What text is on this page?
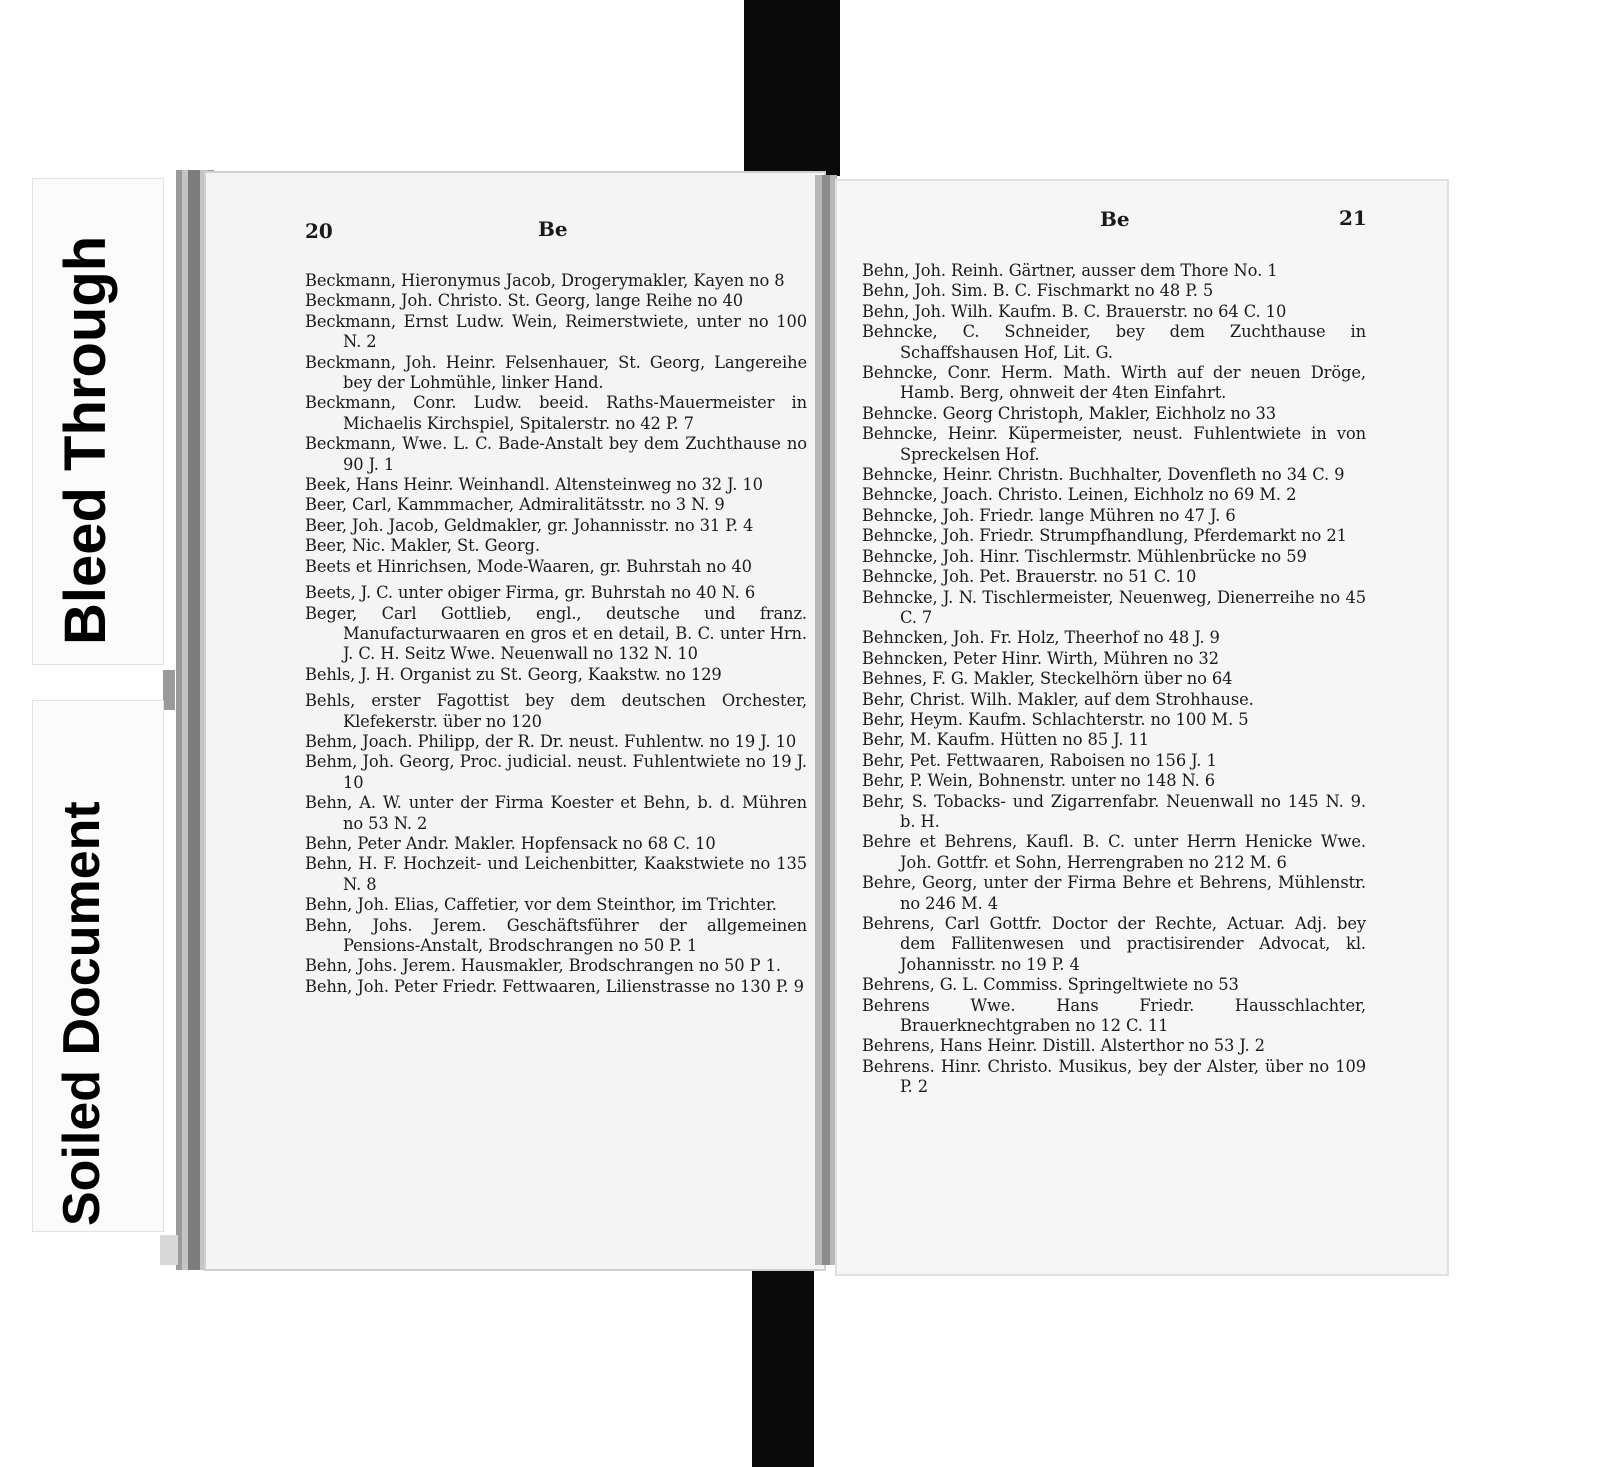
Bleed Through
Soiled Document
20	Be
Beckmann, Hieronymus Jacob, Drogerymakler, Kayen no 8
Beckmann, Joh. Christo. St. Georg, lange Reihe no 40
Beckmann, Ernst Ludw. Wein, Reimerstwiete, unter no 100 N. 2
Beckmann, Joh. Heinr. Felsenhauer, St. Georg, Langereihe bey der Lohmühle, linker Hand.
Beckmann, Conr. Ludw. beeid. Raths-Mauermeister in Michaelis Kirchspiel, Spitalerstr. no 42 P. 7
Beckmann, Wwe. L. C. Bade-Anstalt bey dem Zuchthause no 90 J. 1
Beek, Hans Heinr. Weinhandl. Altensteinweg no 32 J. 10
Beer, Carl, Kammmacher, Admiralitätsstr. no 3 N. 9
Beer, Joh. Jacob, Geldmakler, gr. Johannisstr. no 31 P. 4
Beer, Nic. Makler, St. Georg.
Beets et Hinrichsen, Mode-Waaren, gr. Buhrstah no 40
Beets, J. C. unter obiger Firma, gr. Buhrstah no 40 N. 6
Beger, Carl Gottlieb, engl., deutsche und franz. Manufacturwaaren en gros et en detail, B. C. unter Hrn. J. C. H. Seitz Wwe. Neuenwall no 132 N. 10
Behls, J. H. Organist zu St. Georg, Kaakstw. no 129
Behls, erster Fagottist bey dem deutschen Orchester, Klefekerstr. über no 120
Behm, Joach. Philipp, der R. Dr. neust. Fuhlentw. no 19 J. 10
Behm, Joh. Georg, Proc. judicial. neust. Fuhlentwiete no 19 J. 10
Behn, A. W. unter der Firma Koester et Behn, b. d. Mühren no 53 N. 2
Behn, Peter Andr. Makler. Hopfensack no 68 C. 10
Behn, H. F. Hochzeit- und Leichenbitter, Kaakstwiete no 135 N. 8
Behn, Joh. Elias, Caffetier, vor dem Steinthor, im Trichter.
Behn, Johs. Jerem. Geschäftsführer der allgemeinen Pensions-Anstalt, Brodschrangen no 50 P. 1
Behn, Johs. Jerem. Hausmakler, Brodschrangen no 50 P 1.
Behn, Joh. Peter Friedr. Fettwaaren, Lilienstrasse no 130 P. 9
Be	21
Behn, Joh. Reinh. Gärtner, ausser dem Thore No. 1
Behn, Joh. Sim. B. C. Fischmarkt no 48 P. 5
Behn, Joh. Wilh. Kaufm. B. C. Brauerstr. no 64 C. 10
Behncke, C. Schneider, bey dem Zuchthause in Schaffshausen Hof, Lit. G.
Behncke, Conr. Herm. Math. Wirth auf der neuen Dröge, Hamb. Berg, ohnweit der 4ten Einfahrt.
Behncke. Georg Christoph, Makler, Eichholz no 33
Behncke, Heinr. Küpermeister, neust. Fuhlentwiete in von Spreckelsen Hof.
Behncke, Heinr. Christn. Buchhalter, Dovenfleth no 34 C. 9
Behncke, Joach. Christo. Leinen, Eichholz no 69 M. 2
Behncke, Joh. Friedr. lange Mühren no 47 J. 6
Behncke, Joh. Friedr. Strumpfhandlung, Pferdemarkt no 21
Behncke, Joh. Hinr. Tischlermstr. Mühlenbrücke no 59
Behncke, Joh. Pet. Brauerstr. no 51 C. 10
Behncke, J. N. Tischlermeister, Neuenweg, Dienerreihe no 45 C. 7
Behncken, Joh. Fr. Holz, Theerhof no 48 J. 9
Behncken, Peter Hinr. Wirth, Mühren no 32
Behnes, F. G. Makler, Steckelhörn über no 64
Behr, Christ. Wilh. Makler, auf dem Strohhause.
Behr, Heym. Kaufm. Schlachterstr. no 100 M. 5
Behr, M. Kaufm. Hütten no 85 J. 11
Behr, Pet. Fettwaaren, Raboisen no 156 J. 1
Behr, P. Wein, Bohnenstr. unter no 148 N. 6
Behr, S. Tobacks- und Zigarrenfabr. Neuenwall no 145 N. 9. b. H.
Behre et Behrens, Kaufl. B. C. unter Herrn Henicke Wwe. Joh. Gottfr. et Sohn, Herrengraben no 212 M. 6
Behre, Georg, unter der Firma Behre et Behrens, Mühlenstr. no 246 M. 4
Behrens, Carl Gottfr. Doctor der Rechte, Actuar. Adj. bey dem Fallitenwesen und practisirender Advocat, kl. Johannisstr. no 19 P. 4
Behrens, G. L. Commiss. Springeltwiete no 53
Behrens Wwe. Hans Friedr. Hausschlachter, Brauerknechtgraben no 12 C. 11
Behrens, Hans Heinr. Distill. Alsterthor no 53 J. 2
Behrens. Hinr. Christo. Musikus, bey der Alster, über no 109 P. 2
